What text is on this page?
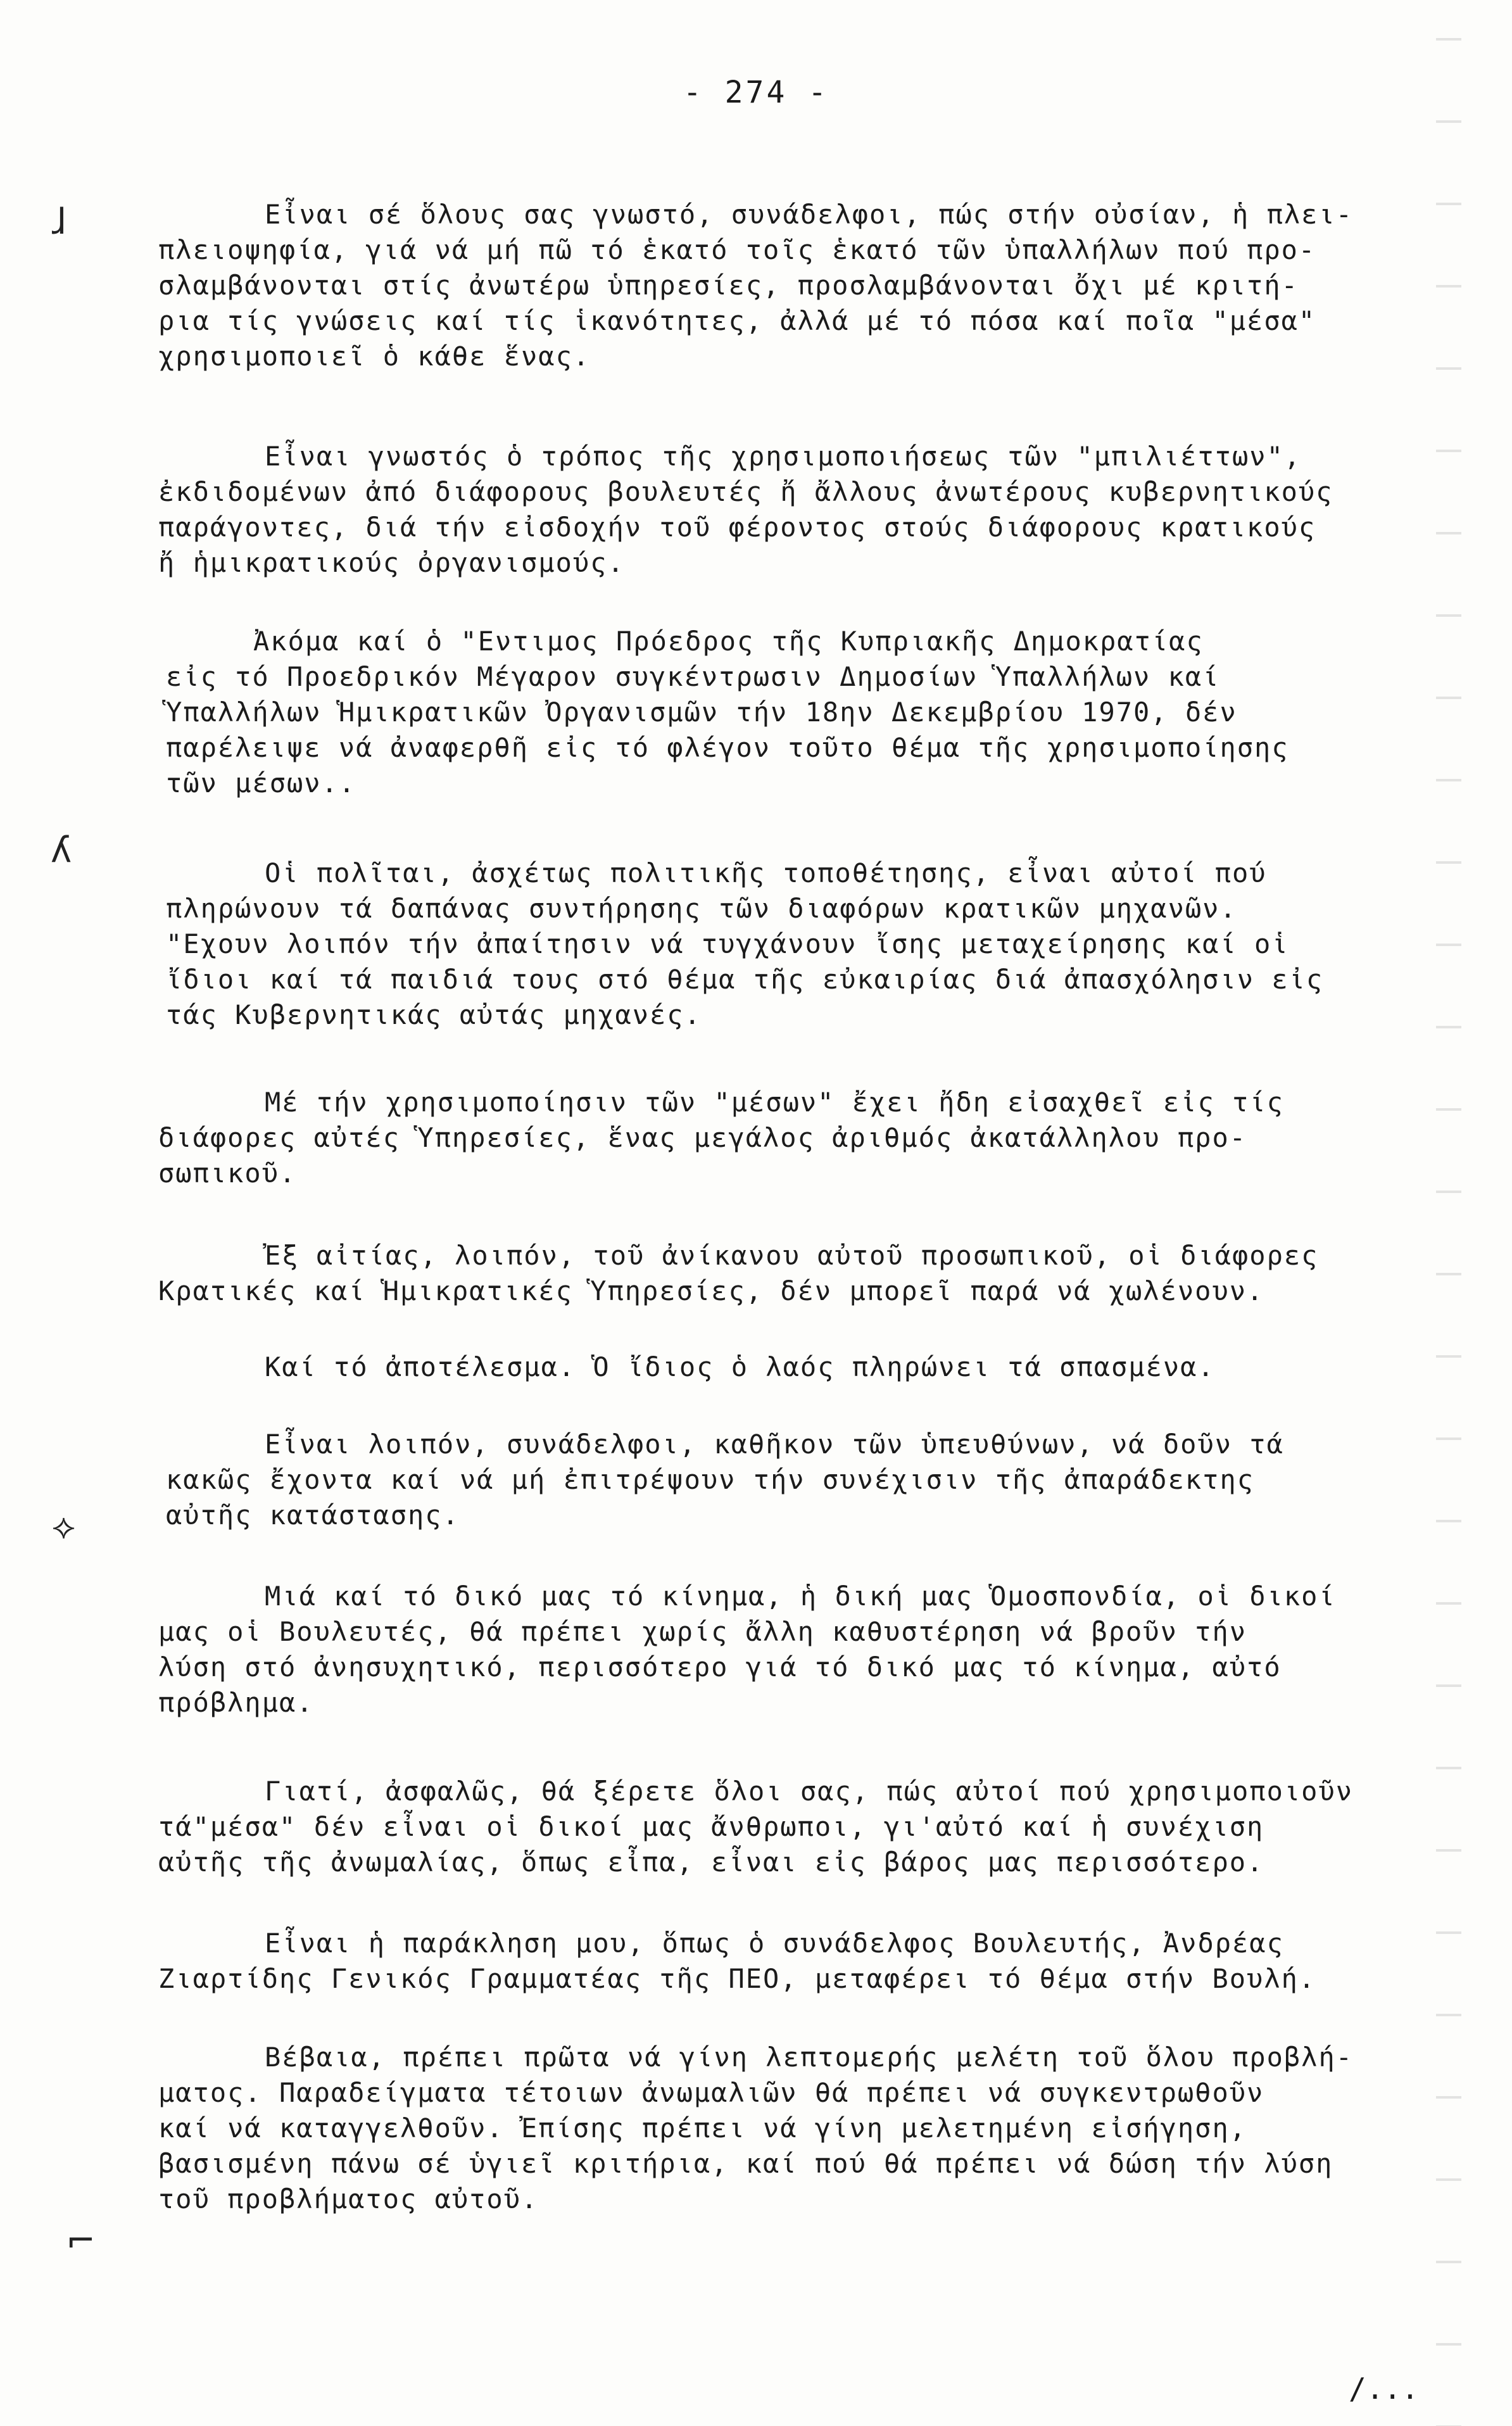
- 274 -
ɺ
ʎ
⟡
⌐
Εἶναι σέ ὅλους σας γνωστό, συνάδελφοι, πώς στήν οὐσίαν, ἡ πλει-
πλειοψηφία, γιά νά μή πῶ τό ἑκατό τοῖς ἑκατό τῶν ὑπαλλήλων πού προ-
σλαμβάνονται στίς ἀνωτέρω ὑπηρεσίες, προσλαμβάνονται ὄχι μέ κριτή-
ρια τίς γνώσεις καί τίς ἱκανότητες, ἀλλά μέ τό πόσα καί ποῖα "μέσα"
χρησιμοποιεῖ ὁ κάθε ἕνας.
Εἶναι γνωστός ὁ τρόπος τῆς χρησιμοποιήσεως τῶν "μπιλιέττων",
ἐκδιδομένων ἀπό διάφορους βουλευτές ἤ ἄλλους ἀνωτέρους κυβερνητικούς
παράγοντες, διά τήν εἰσδοχήν τοῦ φέροντος στούς διάφορους κρατικούς
ἤ ἡμικρατικούς ὀργανισμούς.
Ἀκόμα καί ὁ "Εντιμος Πρόεδρος τῆς Κυπριακῆς Δημοκρατίας
εἰς τό Προεδρικόν Μέγαρον συγκέντρωσιν Δημοσίων Ὑπαλλήλων καί
Ὑπαλλήλων Ἡμικρατικῶν Ὀργανισμῶν τήν 18ην Δεκεμβρίου 1970, δέν
παρέλειψε νά ἀναφερθῆ εἰς τό φλέγον τοῦτο θέμα τῆς χρησιμοποίησης
τῶν μέσων..
Οἱ πολῖται, ἀσχέτως πολιτικῆς τοποθέτησης, εἶναι αὐτοί πού
πληρώνουν τά δαπάνας συντήρησης τῶν διαφόρων κρατικῶν μηχανῶν.
"Εχουν λοιπόν τήν ἀπαίτησιν νά τυγχάνουν ἴσης μεταχείρησης καί οἱ
ἴδιοι καί τά παιδιά τους στό θέμα τῆς εὐκαιρίας διά ἀπασχόλησιν εἰς
τάς Κυβερνητικάς αὐτάς μηχανές.
Μέ τήν χρησιμοποίησιν τῶν "μέσων" ἔχει ἤδη εἰσαχθεῖ εἰς τίς
διάφορες αὐτές Ὑπηρεσίες, ἕνας μεγάλος ἀριθμός ἀκατάλληλου προ-
σωπικοῦ.
Ἐξ αἰτίας, λοιπόν, τοῦ ἀνίκανου αὐτοῦ προσωπικοῦ, οἱ διάφορες
Κρατικές καί Ἡμικρατικές Ὑπηρεσίες, δέν μπορεῖ παρά νά χωλένουν.
Καί τό ἀποτέλεσμα. Ὁ ἴδιος ὁ λαός πληρώνει τά σπασμένα.
Εἶναι λοιπόν, συνάδελφοι, καθῆκον τῶν ὑπευθύνων, νά δοῦν τά
κακῶς ἔχοντα καί νά μή ἐπιτρέψουν τήν συνέχισιν τῆς ἀπαράδεκτης
αὐτῆς κατάστασης.
Μιά καί τό δικό μας τό κίνημα, ἡ δική μας Ὁμοσπονδία, οἱ δικοί
μας οἱ Βουλευτές, θά πρέπει χωρίς ἄλλη καθυστέρηση νά βροῦν τήν
λύση στό ἀνησυχητικό, περισσότερο γιά τό δικό μας τό κίνημα, αὐτό
πρόβλημα.
Γιατί, ἀσφαλῶς, θά ξέρετε ὅλοι σας, πώς αὐτοί πού χρησιμοποιοῦν
τά"μέσα" δέν εἶναι οἱ δικοί μας ἄνθρωποι, γι'αὐτό καί ἡ συνέχιση
αὐτῆς τῆς ἀνωμαλίας, ὅπως εἶπα, εἶναι εἰς βάρος μας περισσότερο.
Εἶναι ἡ παράκληση μου, ὅπως ὁ συνάδελφος Βουλευτής, Ἀνδρέας
Ζιαρτίδης Γενικός Γραμματέας τῆς ΠΕΟ, μεταφέρει τό θέμα στήν Βουλή.
Βέβαια, πρέπει πρῶτα νά γίνη λεπτομερής μελέτη τοῦ ὅλου προβλή-
ματος. Παραδείγματα τέτοιων ἀνωμαλιῶν θά πρέπει νά συγκεντρωθοῦν
καί νά καταγγελθοῦν. Ἐπίσης πρέπει νά γίνη μελετημένη εἰσήγηση,
βασισμένη πάνω σέ ὑγιεῖ κριτήρια, καί πού θά πρέπει νά δώση τήν λύση
τοῦ προβλήματος αὐτοῦ.
/...
